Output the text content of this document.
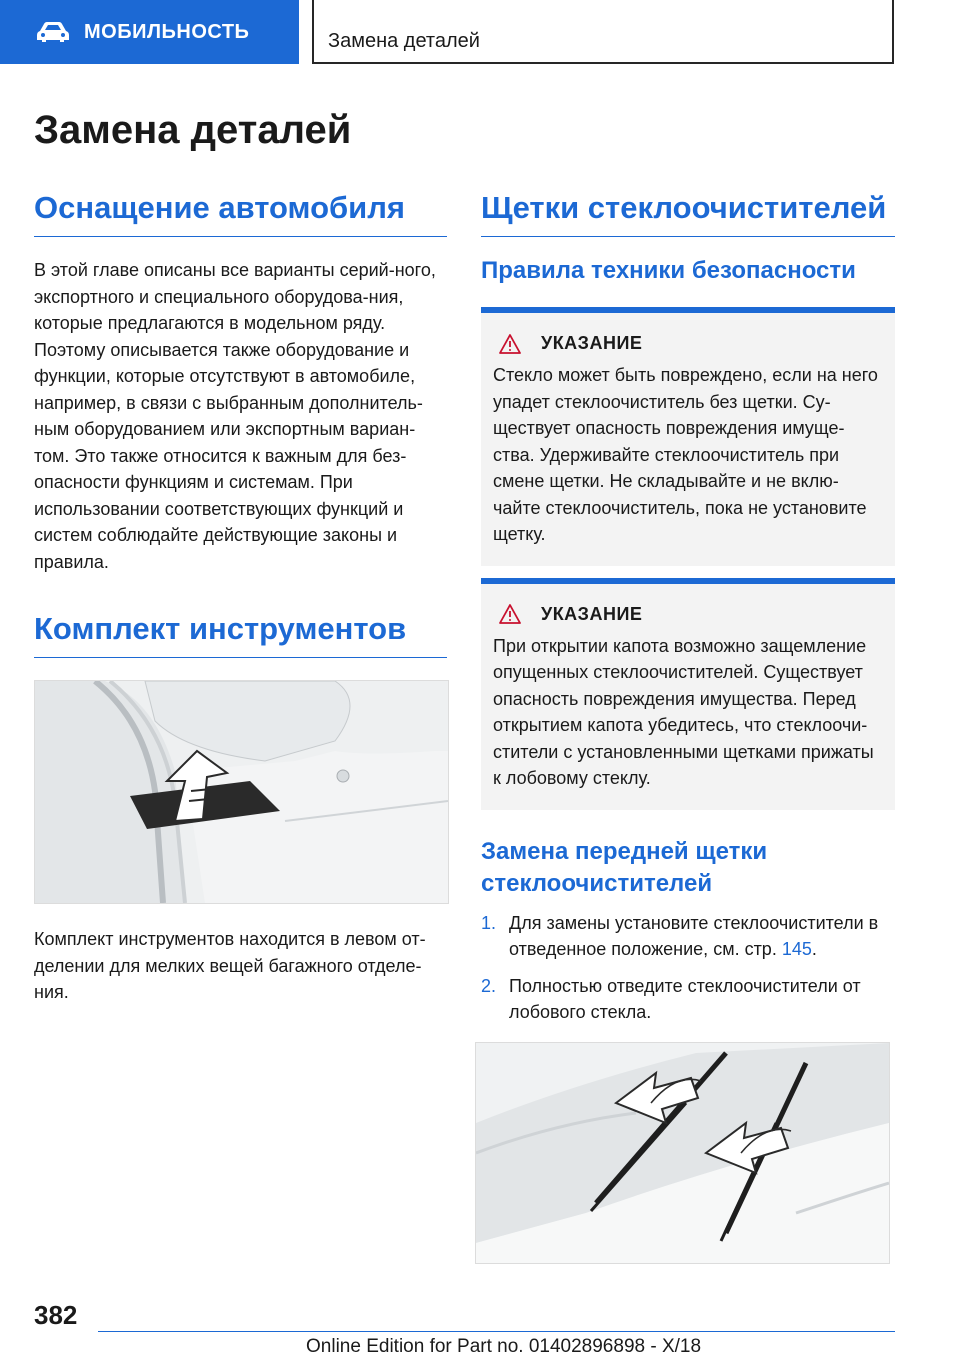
МОБИЛЬНОСТЬ	Замена деталей
Замена деталей
Оснащение автомобиля

В этой главе описаны все варианты серий-ного, экспортного и специального оборудова-ния, которые предлагаются в модельном ряду. Поэтому описывается также оборудование и функции, которые отсутствуют в автомобиле, например, в связи с выбранным дополнитель-ным оборудованием или экспортным вариан-том. Это также относится к важным для без-опасности функциям и системам. При использовании соответствующих функций и систем соблюдайте действующие законы и правила.

Комплект инструментов

Комплект инструментов находится в левом от-делении для мелких вещей багажного отделе-ния.

Щетки стеклоочистителей
Правила техники безопасности
УКАЗАНИЕ

Стекло может быть повреждено, если на него упадет стеклоочиститель без щетки. Су-ществует опасность повреждения имуще-ства. Удерживайте стеклоочиститель при смене щетки. Не складывайте и не вклю-чайте стеклоочиститель, пока не установите щетку.

УКАЗАНИЕ

При открытии капота возможно защемление опущенных стеклоочистителей. Существует опасность повреждения имущества. Перед открытием капота убедитесь, что стеклоочи-стители с установленными щетками прижаты к лобовому стеклу.

Замена передней щетки стеклоочистителей
1. Для замены установите стеклоочистители в отведенное положение, см. стр. 145.
2. Полностью отведите стеклоочистители от лобового стекла.
382
Online Edition for Part no. 01402896898 - X/18
